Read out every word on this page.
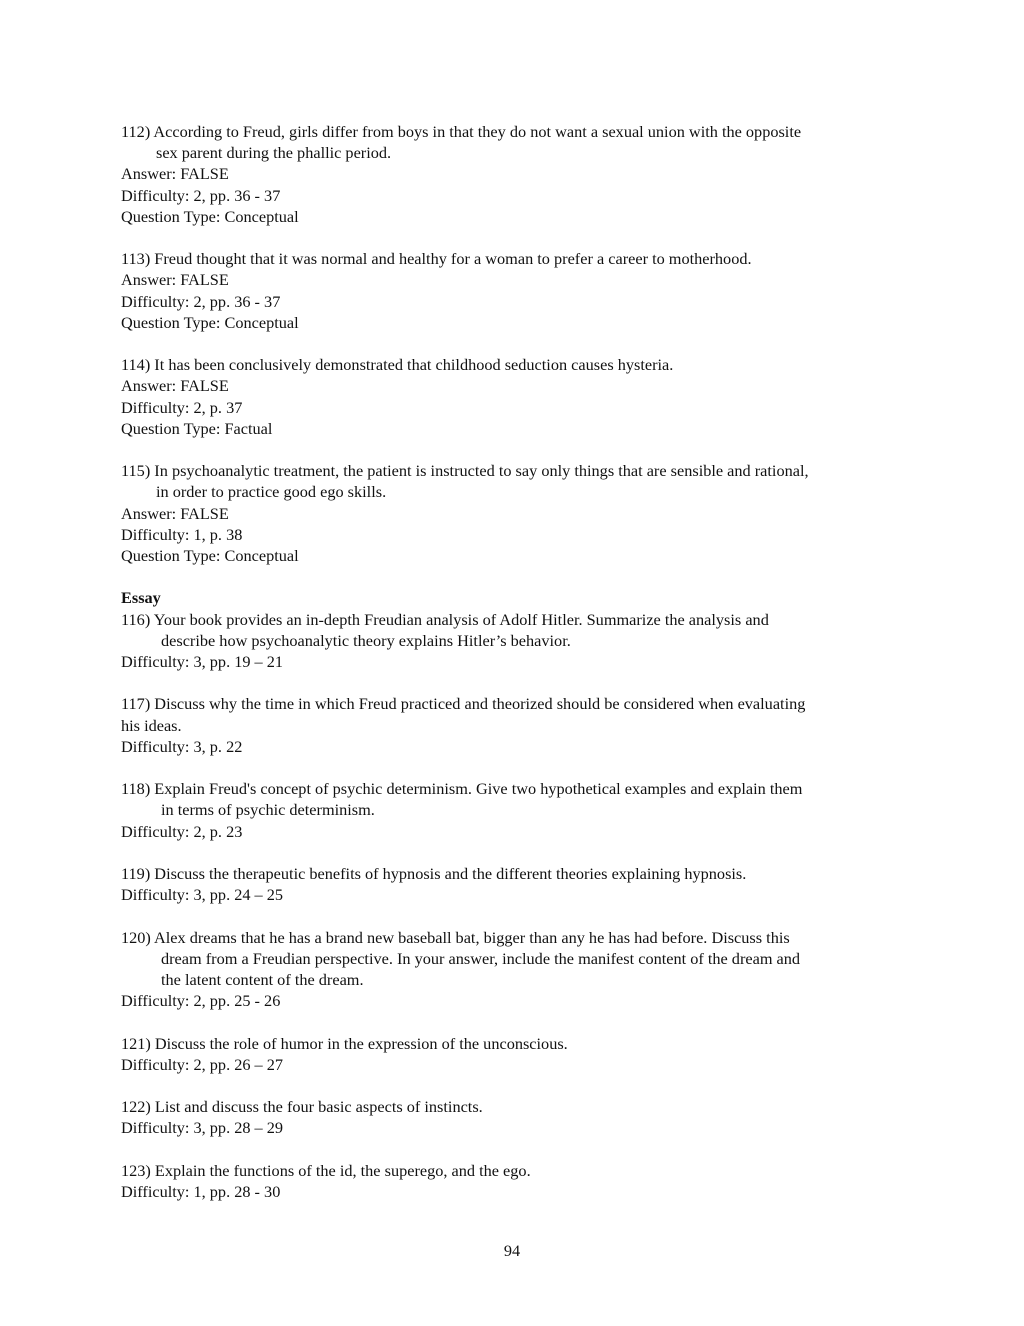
112) According to Freud, girls differ from boys in that they do not want a sexual union with the opposite
sex parent during the phallic period.
Answer: FALSE
Difficulty: 2, pp. 36 - 37
Question Type: Conceptual
113) Freud thought that it was normal and healthy for a woman to prefer a career to motherhood.
Answer: FALSE
Difficulty: 2, pp. 36 - 37
Question Type: Conceptual
114) It has been conclusively demonstrated that childhood seduction causes hysteria.
Answer: FALSE
Difficulty: 2, p. 37
Question Type: Factual
115) In psychoanalytic treatment, the patient is instructed to say only things that are sensible and rational,
in order to practice good ego skills.
Answer: FALSE
Difficulty: 1, p. 38
Question Type: Conceptual
Essay
116) Your book provides an in-depth Freudian analysis of Adolf Hitler. Summarize the analysis and
describe how psychoanalytic theory explains Hitler’s behavior.
Difficulty: 3, pp. 19 – 21
117) Discuss why the time in which Freud practiced and theorized should be considered when evaluating
his ideas.
Difficulty: 3, p. 22
118) Explain Freud's concept of psychic determinism. Give two hypothetical examples and explain them
in terms of psychic determinism.
Difficulty: 2, p. 23
119) Discuss the therapeutic benefits of hypnosis and the different theories explaining hypnosis.
Difficulty: 3, pp. 24 – 25
120) Alex dreams that he has a brand new baseball bat, bigger than any he has had before. Discuss this
dream from a Freudian perspective. In your answer, include the manifest content of the dream and
the latent content of the dream.
Difficulty: 2, pp. 25 - 26
121) Discuss the role of humor in the expression of the unconscious.
Difficulty: 2, pp. 26 – 27
122) List and discuss the four basic aspects of instincts.
Difficulty: 3, pp. 28 – 29
123) Explain the functions of the id, the superego, and the ego.
Difficulty: 1, pp. 28 - 30
94
